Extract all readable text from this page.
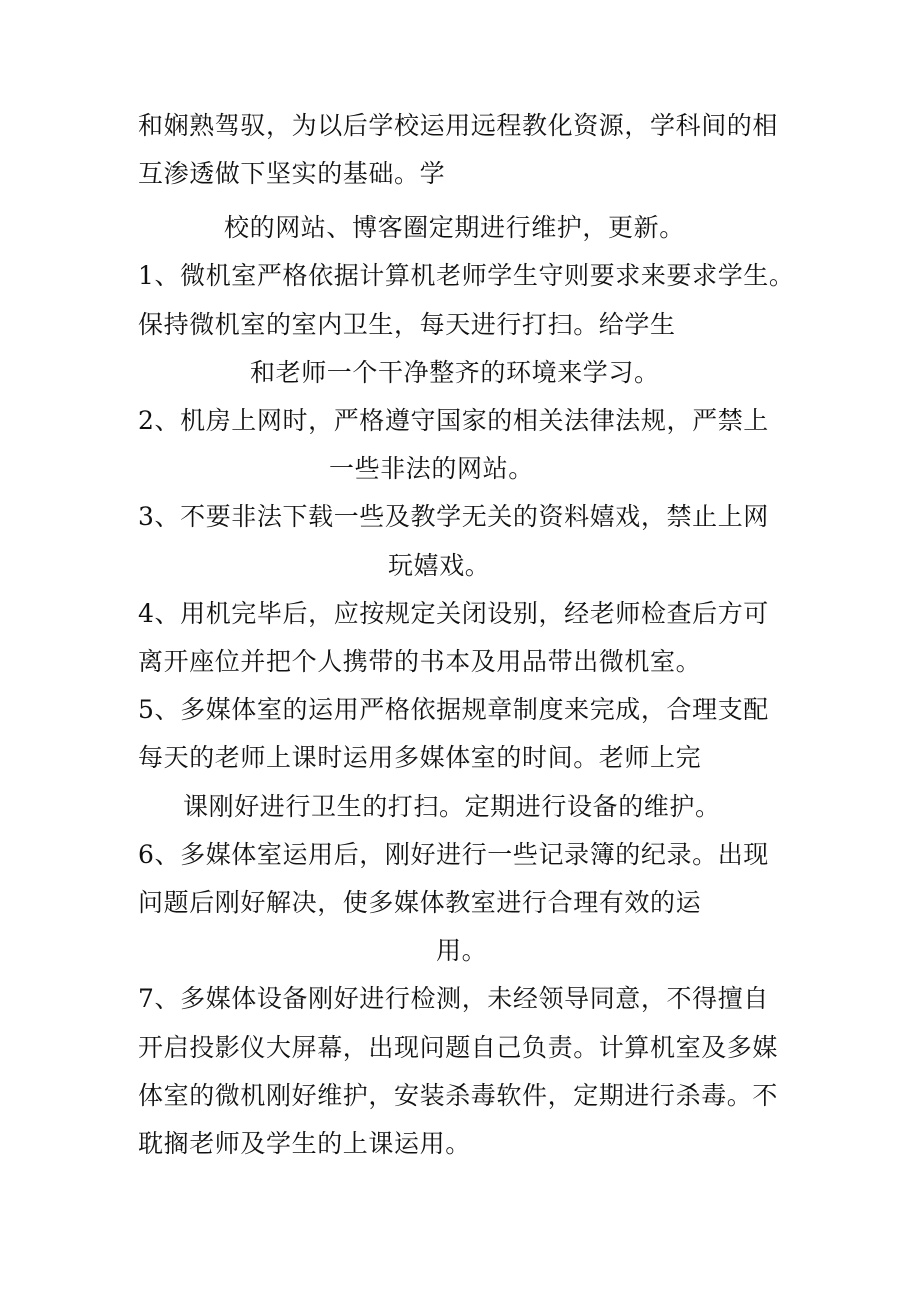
和娴熟驾驭，为以后学校运用远程教化资源，学科间的相
互渗透做下坚实的基础。学
校的网站、博客圈定期进行维护，更新。
1、微机室严格依据计算机老师学生守则要求来要求学生。
保持微机室的室内卫生，每天进行打扫。给学生
和老师一个干净整齐的环境来学习。
2、机房上网时，严格遵守国家的相关法律法规，严禁上
一些非法的网站。
3、不要非法下载一些及教学无关的资料嬉戏，禁止上网
玩嬉戏。
4、用机完毕后，应按规定关闭设别，经老师检查后方可
离开座位并把个人携带的书本及用品带出微机室。
5、多媒体室的运用严格依据规章制度来完成，合理支配
每天的老师上课时运用多媒体室的时间。老师上完
课刚好进行卫生的打扫。定期进行设备的维护。
6、多媒体室运用后，刚好进行一些记录簿的纪录。出现
问题后刚好解决，使多媒体教室进行合理有效的运
用。
7、多媒体设备刚好进行检测，未经领导同意，不得擅自
开启投影仪大屏幕，出现问题自己负责。计算机室及多媒
体室的微机刚好维护，安装杀毒软件，定期进行杀毒。不
耽搁老师及学生的上课运用。
